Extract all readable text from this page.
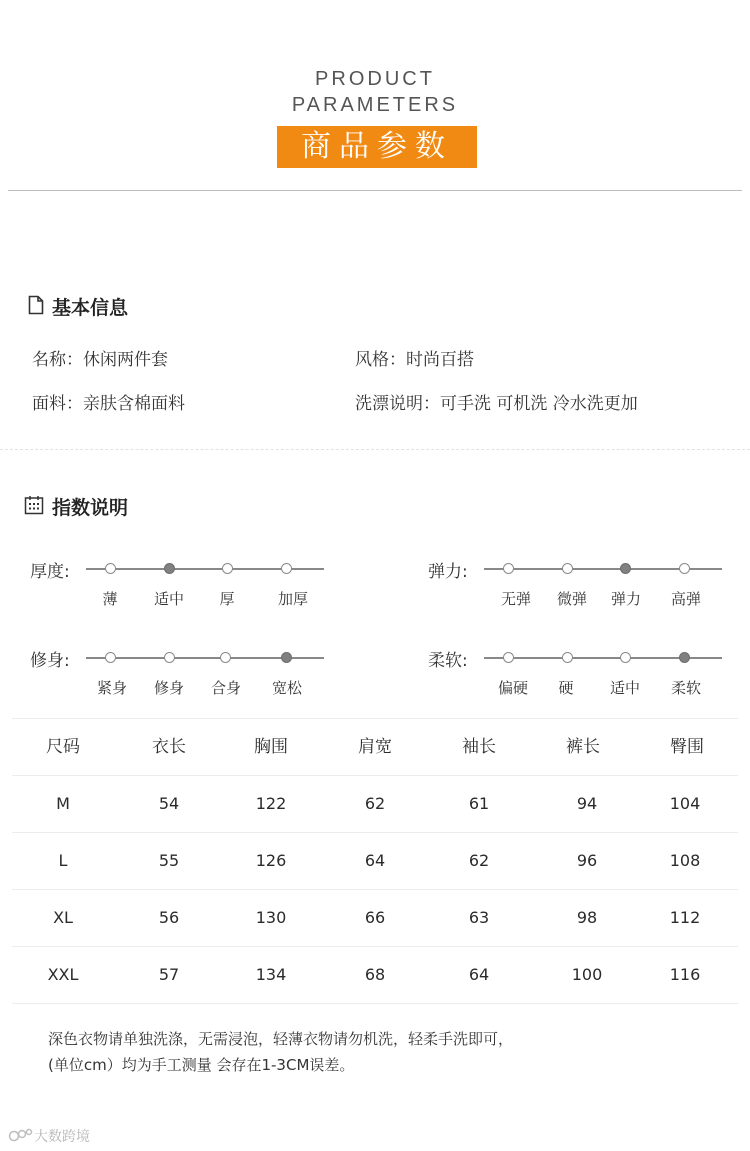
PRODUCT
PARAMETERS
商品参数
基本信息
名称：休闲两件套	风格：时尚百搭
面料：亲肤含棉面料	洗漂说明：可手洗 可机洗 冷水洗更加
指数说明
厚度:
薄	适中	厚	加厚
弹力:
无弹	微弹	弹力	高弹
修身:
紧身	修身	合身	宽松
柔软:
偏硬	硬	适中	柔软
尺码	衣长	胸围	肩宽	袖长	裤长	臀围
M	54	122	62	61	94	104
L	55	126	64	62	96	108
XL	56	130	66	63	98	112
XXL	57	134	68	64	100	116
深色衣物请单独洗涤，无需浸泡，轻薄衣物请勿机洗，轻柔手洗即可，
(单位cm）均为手工测量 会存在1-3CM误差。
大数跨境
